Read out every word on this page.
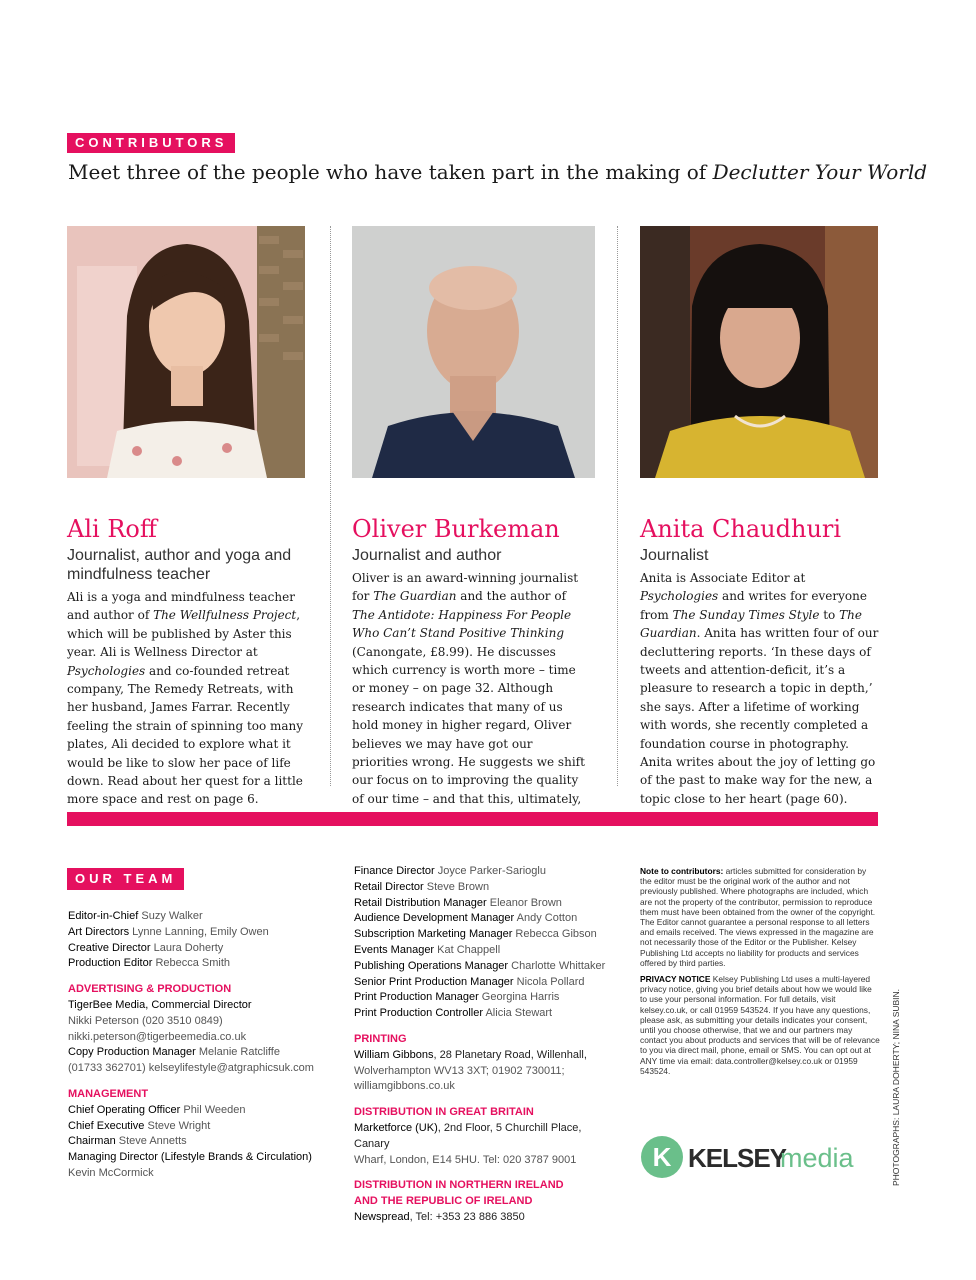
CONTRIBUTORS
Meet three of the people who have taken part in the making of Declutter Your World
Ali Roff

Journalist, author and yoga and mindfulness teacher

Ali is a yoga and mindfulness teacher and author of The Wellfulness Project, which will be published by Aster this year. Ali is Wellness Director at Psychologies and co-founded retreat company, The Remedy Retreats, with her husband, James Farrar. Recently feeling the strain of spinning too many plates, Ali decided to explore what it would be like to slow her pace of life down. Read about her quest for a little more space and rest on page 6.

Oliver Burkeman

Journalist and author

Oliver is an award-winning journalist for The Guardian and the author of The Antidote: Happiness For People Who Can’t Stand Positive Thinking (Canongate, £8.99). He discusses which currency is worth more – time or money – on page 32. Although research indicates that many of us hold money in higher regard, Oliver believes we may have got our priorities wrong. He suggests we shift our focus on to improving the quality of our time – and that this, ultimately,

Anita Chaudhuri

Journalist

Anita is Associate Editor at Psychologies and writes for everyone from The Sunday Times Style to The Guardian. Anita has written four of our decluttering reports. ‘In these days of tweets and attention-deficit, it’s a pleasure to research a topic in depth,’ she says. After a lifetime of working with words, she recently completed a foundation course in photography. Anita writes about the joy of letting go of the past to make way for the new, a topic close to her heart (page 60).

OUR TEAM
Editor-in-Chief Suzy Walker
Art Directors Lynne Lanning, Emily Owen
Creative Director Laura Doherty
Production Editor Rebecca Smith
ADVERTISING & PRODUCTION
TigerBee Media, Commercial Director
Nikki Peterson (020 3510 0849)
nikki.peterson@tigerbeemedia.co.uk
Copy Production Manager Melanie Ratcliffe
(01733 362701) kelseylifestyle@atgraphicsuk.com
MANAGEMENT
Chief Operating Officer Phil Weeden
Chief Executive Steve Wright
Chairman Steve Annetts
Managing Director (Lifestyle Brands & Circulation)
Kevin McCormick
Finance Director Joyce Parker-Sarioglu
Retail Director Steve Brown
Retail Distribution Manager Eleanor Brown
Audience Development Manager Andy Cotton
Subscription Marketing Manager Rebecca Gibson
Events Manager Kat Chappell
Publishing Operations Manager Charlotte Whittaker
Senior Print Production Manager Nicola Pollard
Print Production Manager Georgina Harris
Print Production Controller Alicia Stewart
PRINTING
William Gibbons, 28 Planetary Road, Willenhall,
Wolverhampton WV13 3XT; 01902 730011;
williamgibbons.co.uk
DISTRIBUTION IN GREAT BRITAIN
Marketforce (UK), 2nd Floor, 5 Churchill Place, Canary
Wharf, London, E14 5HU. Tel: 020 3787 9001
DISTRIBUTION IN NORTHERN IRELAND
AND THE REPUBLIC OF IRELAND
Newspread, Tel: +353 23 886 3850
Note to contributors: articles submitted for consideration by the editor must be the original work of the author and not previously published. Where photographs are included, which are not the property of the contributor, permission to reproduce them must have been obtained from the owner of the copyright. The Editor cannot guarantee a personal response to all letters and emails received. The views expressed in the magazine are not necessarily those of the Editor or the Publisher. Kelsey Publishing Ltd accepts no liability for products and services offered by third parties.
PRIVACY NOTICE Kelsey Publishing Ltd uses a multi-layered privacy notice, giving you brief details about how we would like to use your personal information. For full details, visit kelsey.co.uk, or call 01959 543524. If you have any questions, please ask, as submitting your details indicates your consent, until you choose otherwise, that we and our partners may contact you about products and services that will be of relevance to you via direct mail, phone, email or SMS. You can opt out at ANY time via email: data.controller@kelsey.co.uk or 01959 543524.
K KELSEY
media	PHOTOGRAPHS: LAURA DOHERTY; NINA SUBIN.
